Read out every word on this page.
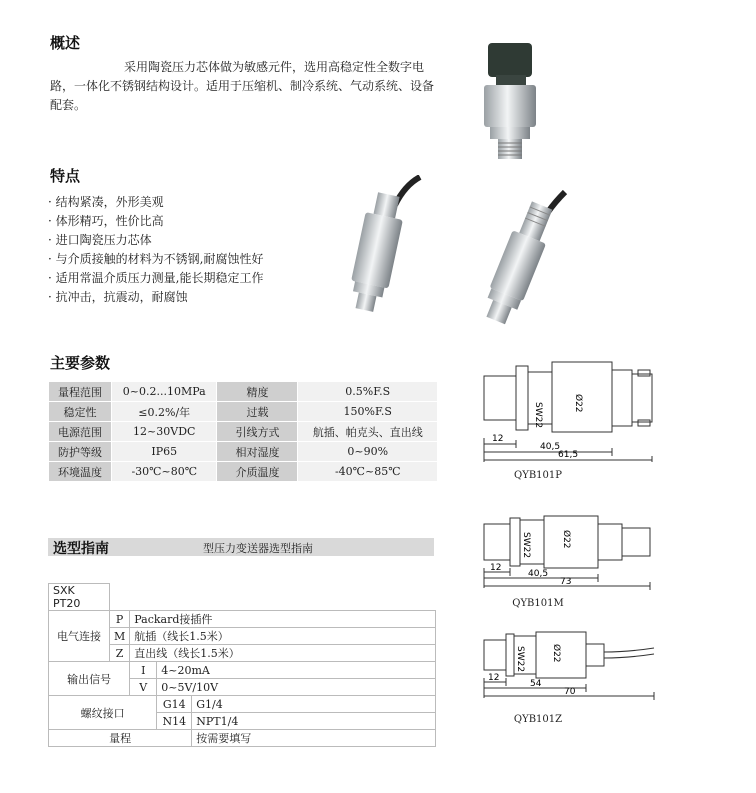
概述
采用陶瓷压力芯体做为敏感元件，选用高稳定性全数字电路，一体化不锈钢结构设计。适用于压缩机、制冷系统、气动系统、设备配套。
特点
· 结构紧凑，外形美观
· 体形精巧，性价比高
· 进口陶瓷压力芯体
· 与介质接触的材料为不锈钢,耐腐蚀性好
· 适用常温介质压力测量,能长期稳定工作
· 抗冲击，抗震动，耐腐蚀
主要参数
量程范围	0~0.2...10MPa	精度	0.5%F.S
稳定性	≤0.2%/年	过载	150%F.S
电源范围	12~30VDC	引线方式	航插、帕克头、直出线
防护等级	IP65	相对湿度	0~90%
环境温度	-30℃~80℃	介质温度	-40℃~85℃
选型指南	型压力变送器选型指南
SXK PT20				
电气连接	P	Packard接插件		
	M	航插（线长1.5米）		
	Z	直出线（线长1.5米）		
输出信号		I	4~20mA	
		V	0~5V/10V	
螺纹接口			G14	G1/4
			N14	NPT1/4
量程				按需要填写
SW22	Ø22
12
40,5
61,5
QYB101P
SW22	Ø22
12
40,5
73
QYB101M
SW22	Ø22
12
54
70
QYB101Z
